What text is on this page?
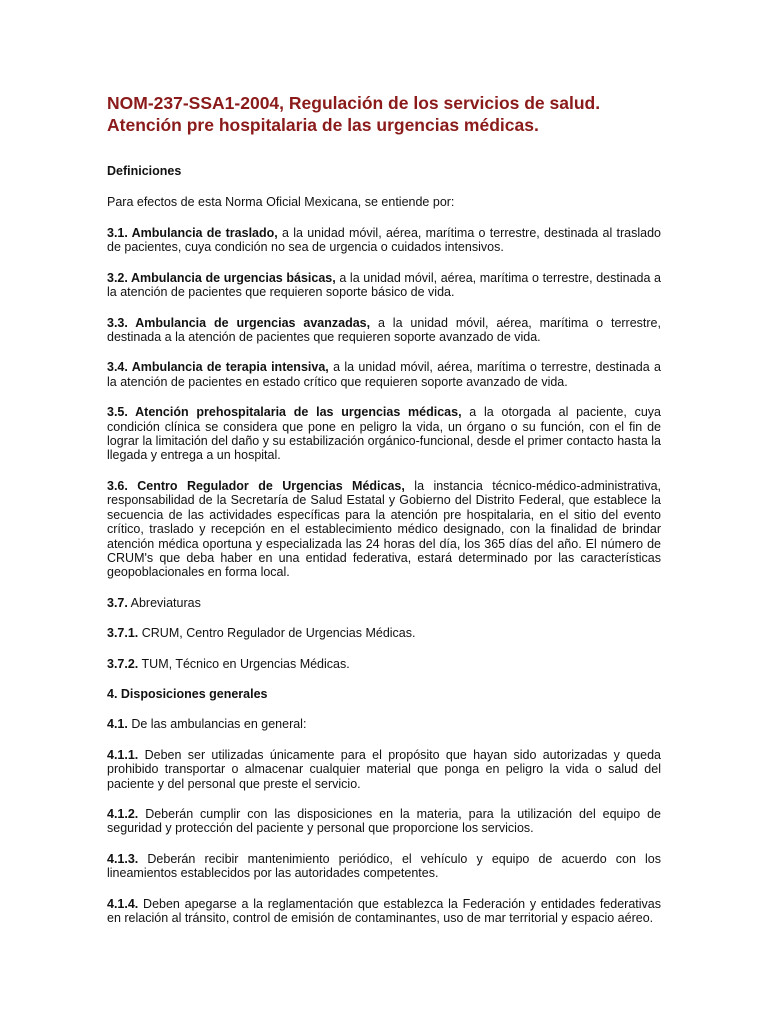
NOM-237-SSA1-2004, Regulación de los servicios de salud. Atención pre hospitalaria de las urgencias médicas.
Definiciones
Para efectos de esta Norma Oficial Mexicana, se entiende por:
3.1. Ambulancia de traslado, a la unidad móvil, aérea, marítima o terrestre, destinada al traslado de pacientes, cuya condición no sea de urgencia o cuidados intensivos.
3.2. Ambulancia de urgencias básicas, a la unidad móvil, aérea, marítima o terrestre, destinada a la atención de pacientes que requieren soporte básico de vida.
3.3. Ambulancia de urgencias avanzadas, a la unidad móvil, aérea, marítima o terrestre, destinada a la atención de pacientes que requieren soporte avanzado de vida.
3.4. Ambulancia de terapia intensiva, a la unidad móvil, aérea, marítima o terrestre, destinada a la atención de pacientes en estado crítico que requieren soporte avanzado de vida.
3.5. Atención prehospitalaria de las urgencias médicas, a la otorgada al paciente, cuya condición clínica se considera que pone en peligro la vida, un órgano o su función, con el fin de lograr la limitación del daño y su estabilización orgánico-funcional, desde el primer contacto hasta la llegada y entrega a un hospital.
3.6. Centro Regulador de Urgencias Médicas, la instancia técnico-médico-administrativa, responsabilidad de la Secretaría de Salud Estatal y Gobierno del Distrito Federal, que establece la secuencia de las actividades específicas para la atención pre hospitalaria, en el sitio del evento crítico, traslado y recepción en el establecimiento médico designado, con la finalidad de brindar atención médica oportuna y especializada las 24 horas del día, los 365 días del año. El número de CRUM's que deba haber en una entidad federativa, estará determinado por las características geopoblacionales en forma local.
3.7. Abreviaturas
3.7.1. CRUM, Centro Regulador de Urgencias Médicas.
3.7.2. TUM, Técnico en Urgencias Médicas.
4. Disposiciones generales
4.1. De las ambulancias en general:
4.1.1. Deben ser utilizadas únicamente para el propósito que hayan sido autorizadas y queda prohibido transportar o almacenar cualquier material que ponga en peligro la vida o salud del paciente y del personal que preste el servicio.
4.1.2. Deberán cumplir con las disposiciones en la materia, para la utilización del equipo de seguridad y protección del paciente y personal que proporcione los servicios.
4.1.3. Deberán recibir mantenimiento periódico, el vehículo y equipo de acuerdo con los lineamientos establecidos por las autoridades competentes.
4.1.4. Deben apegarse a la reglamentación que establezca la Federación y entidades federativas en relación al tránsito, control de emisión de contaminantes, uso de mar territorial y espacio aéreo.
